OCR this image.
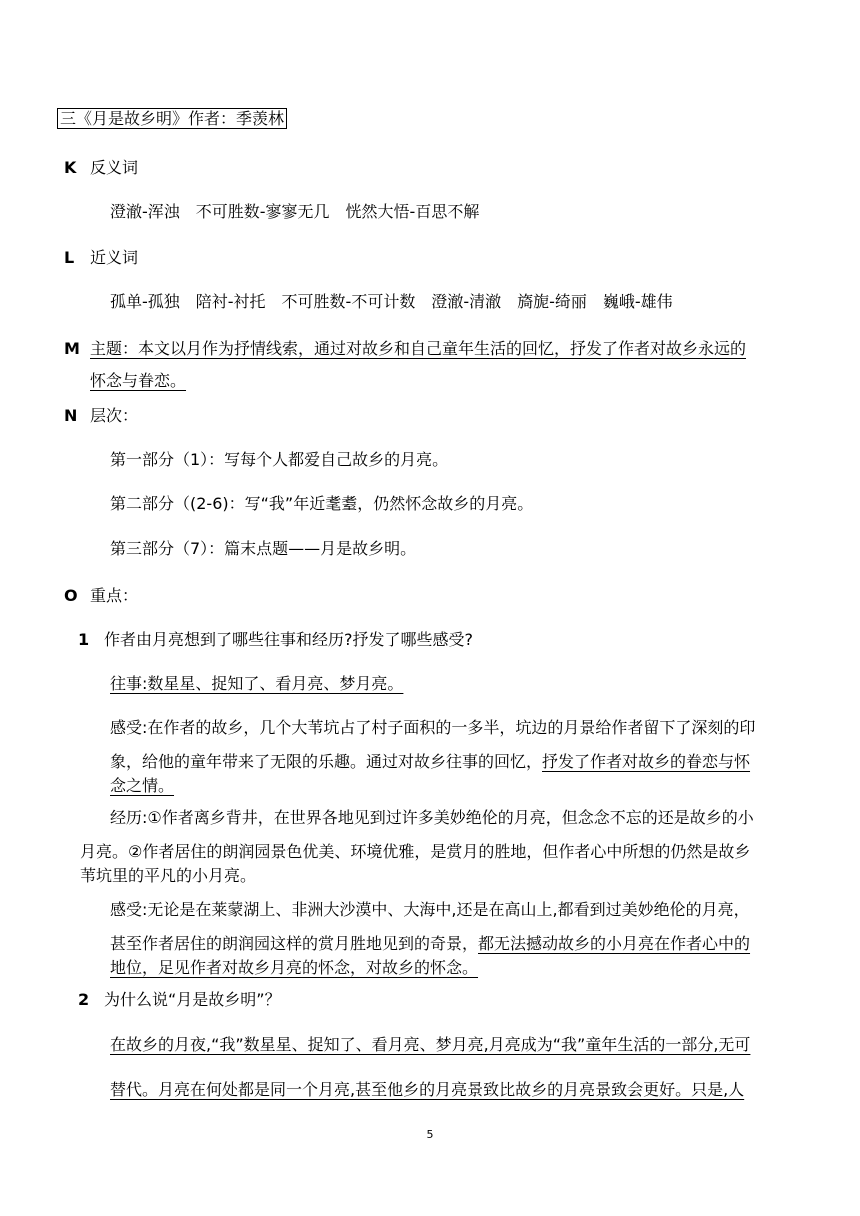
三《月是故乡明》作者：季羡林
K 反义词
澄澈-浑浊　不可胜数-寥寥无几　恍然大悟-百思不解
L 近义词
孤单-孤独　陪衬-衬托　不可胜数-不可计数　澄澈-清澈　旖旎-绮丽　巍峨-雄伟
M 主题：本文以月作为抒情线索，通过对故乡和自己童年生活的回忆，抒发了作者对故乡永远的
怀念与眷恋。
N 层次：
第一部分（1）：写每个人都爱自己故乡的月亮。
第二部分（(2-6)：写“我”年近耄耋，仍然怀念故乡的月亮。
第三部分（7）：篇末点题——月是故乡明。
O 重点：
1 作者由月亮想到了哪些往事和经历?抒发了哪些感受?
往事:数星星、捉知了、看月亮、梦月亮。
感受:在作者的故乡，几个大苇坑占了村子面积的一多半，坑边的月景给作者留下了深刻的印
象，给他的童年带来了无限的乐趣。通过对故乡往事的回忆，抒发了作者对故乡的眷恋与怀
念之情。
经历:①作者离乡背井，在世界各地见到过许多美妙绝伦的月亮，但念念不忘的还是故乡的小
月亮。②作者居住的朗润园景色优美、环境优雅，是赏月的胜地，但作者心中所想的仍然是故乡
苇坑里的平凡的小月亮。
感受:无论是在莱蒙湖上、非洲大沙漠中、大海中,还是在高山上,都看到过美妙绝伦的月亮，
甚至作者居住的朗润园这样的赏月胜地见到的奇景，都无法撼动故乡的小月亮在作者心中的
地位，足见作者对故乡月亮的怀念，对故乡的怀念。
2 为什么说“月是故乡明”？
在故乡的月夜,“我”数星星、捉知了、看月亮、梦月亮,月亮成为“我”童年生活的一部分,无可
替代。月亮在何处都是同一个月亮,甚至他乡的月亮景致比故乡的月亮景致会更好。只是,人
5
